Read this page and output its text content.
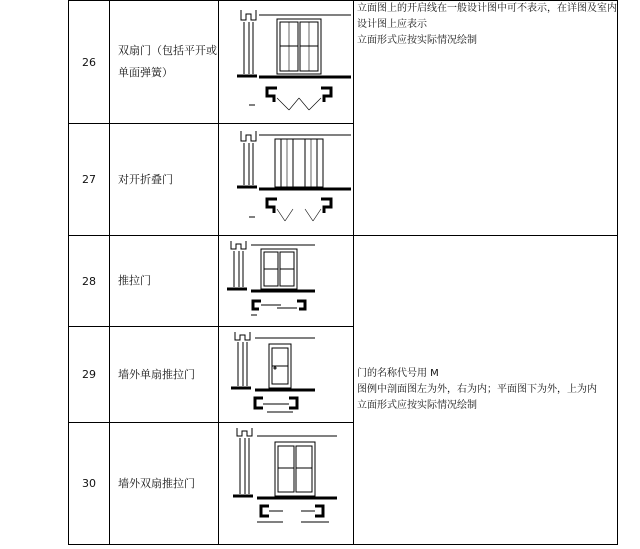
26	双扇门（包括平开或单面弹簧）		立面图上的开启线在一般设计图中可不表示，在详图及室内设计图上应表示

立面形式应按实际情况绘制

27	对开折叠门	

28	推拉门		门的名称代号用 M

图例中剖面图左为外，右为内；平面图下为外，上为内

立面形式应按实际情况绘制

29	墙外单扇推拉门	

30	墙外双扇推拉门	
